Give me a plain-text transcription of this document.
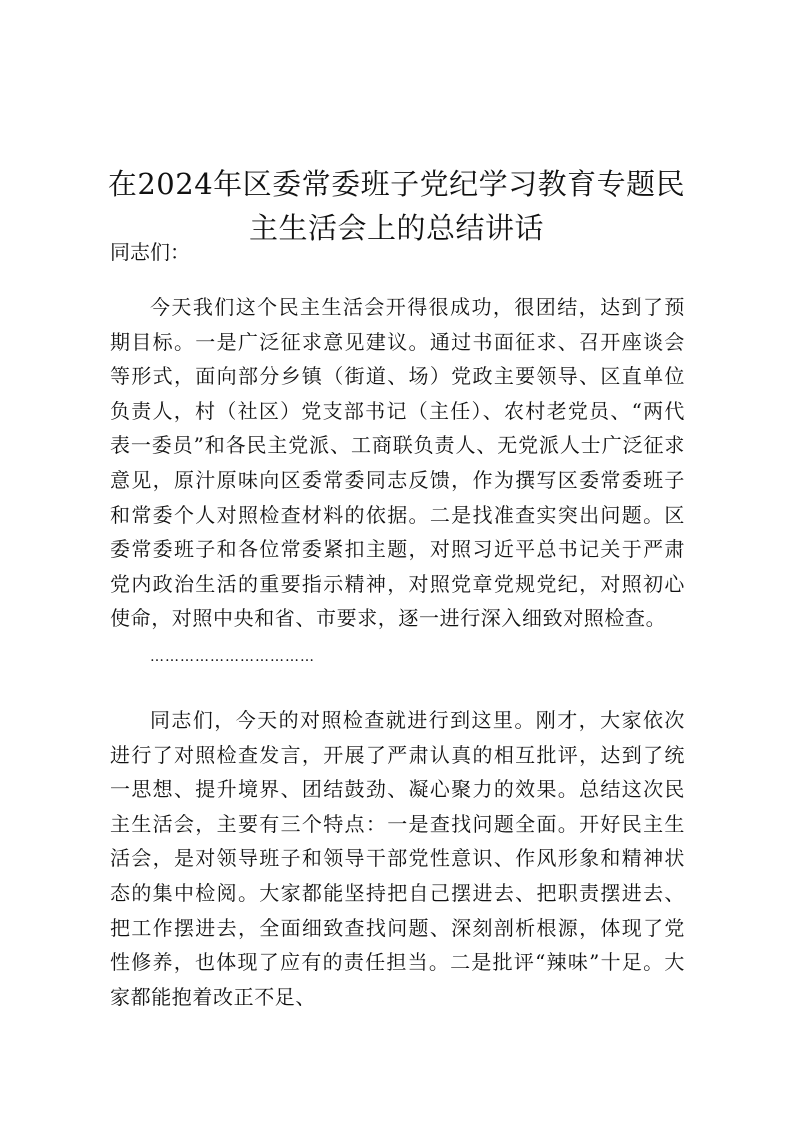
在2024年区委常委班子党纪学习教育专题民主生活会上的总结讲话
同志们：

今天我们这个民主生活会开得很成功，很团结，达到了预期目标。一是广泛征求意见建议。通过书面征求、召开座谈会等形式，面向部分乡镇（街道、场）党政主要领导、区直单位负责人，村（社区）党支部书记（主任）、农村老党员、“两代表一委员”和各民主党派、工商联负责人、无党派人士广泛征求意见，原汁原味向区委常委同志反馈，作为撰写区委常委班子和常委个人对照检查材料的依据。二是找准查实突出问题。区委常委班子和各位常委紧扣主题，对照习近平总书记关于严肃党内政治生活的重要指示精神，对照党章党规党纪，对照初心使命，对照中央和省、市要求，逐一进行深入细致对照检查。

……………………………

同志们，今天的对照检查就进行到这里。刚才，大家依次进行了对照检查发言，开展了严肃认真的相互批评，达到了统一思想、提升境界、团结鼓劲、凝心聚力的效果。总结这次民主生活会，主要有三个特点：一是查找问题全面。开好民主生活会，是对领导班子和领导干部党性意识、作风形象和精神状态的集中检阅。大家都能坚持把自己摆进去、把职责摆进去、把工作摆进去，全面细致查找问题、深刻剖析根源，体现了党性修养，也体现了应有的责任担当。二是批评“辣味”十足。大家都能抱着改正不足、
